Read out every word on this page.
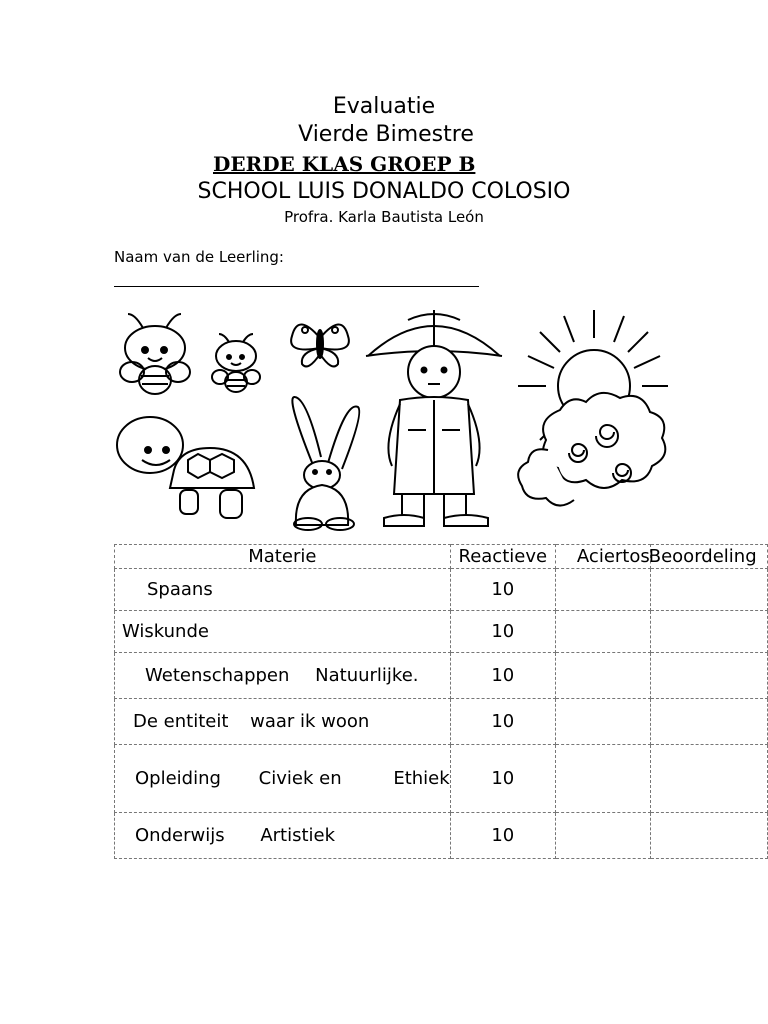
Evaluatie
Vierde Bimestre
DERDE KLAS GROEP B
SCHOOL LUIS DONALDO COLOSIO
Profra. Karla Bautista León
Naam van de Leerling:
Materie	Reactieve	Aciertos	Beoordeling
Spaans	10		
Wiskunde	10		
Wetenschappen Natuurlijke.	10		
De entiteit waar ik woon	10		
Opleiding Civiek en Ethiek	10		
Onderwijs Artistiek	10		
